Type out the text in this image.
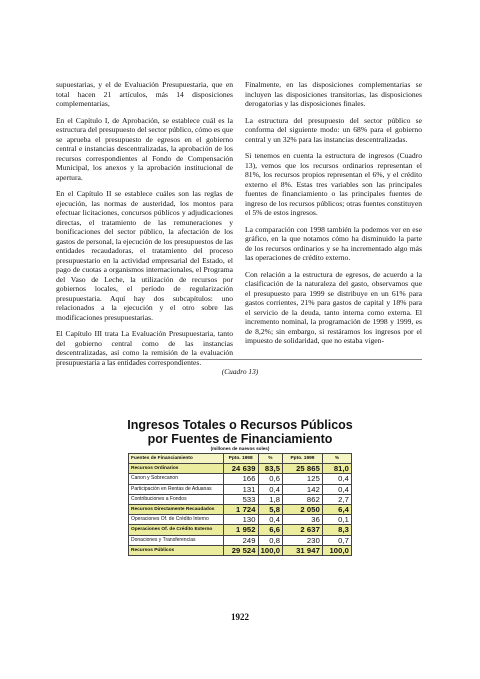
supuestarias, y el de Evaluación Presupuestaria, que en total hacen 21 artículos, más 14 disposiciones complementarias,

En el Capítulo I, de Aprobación, se establece cuál es la estructura del presupuesto del sector público, cómo es que se aprueba el presupuesto de egresos en el gobierno central e instancias descentralizadas, la aprobación de los recursos correspondientes al Fondo de Compensación Municipal, los anexos y la aprobación institucional de apertura.

En el Capítulo II se establece cuáles son las reglas de ejecución, las normas de austeridad, los montos para efectuar licitaciones, concursos públicos y adjudicaciones directas, el tratamiento de las remuneraciones y bonificaciones del sector público, la afectación de los gastos de personal, la ejecución de los presupuestos de las entidades recaudadoras, el tratamiento del proceso presupuestario en la actividad empresarial del Estado, el pago de cuotas a organismos internacionales, el Programa del Vaso de Leche, la utilización de recursos por gobiernos locales, el período de regularización presupuestaria. Aquí hay dos subcapítulos: uno relacionados a la ejecución y el otro sobre las modificaciones presupuestarias.

El Capítulo III trata La Evaluación Presupuestaria, tanto del gobierno central como de las instancias descentralizadas, así como la remisión de la evaluación presupuestaria a las entidades correspondientes.

Finalmente, en las disposiciones complementarias se incluyen las disposiciones transitorias, las disposiciones derogatorias y las disposiciones finales.

La estructura del presupuesto del sector público se conforma del siguiente modo: un 68% para el gobierno central y un 32% para las instancias descentralizadas.

Si tenemos en cuenta la estructura de ingresos (Cuadro 13), vemos que los recursos ordinarios representan el 81%, los recursos propios representan el 6%, y el crédito externo el 8%. Estas tres variables son las principales fuentes de financiamiento o las principales fuentes de ingreso de los recursos públicos; otras fuentes constituyen el 5% de estos ingresos.

La comparación con 1998 también la podemos ver en ese gráfico, en la que notamos cómo ha disminuido la parte de los recursos ordinarios y se ha incrementado algo más las operaciones de crédito externo.

Con relación a la estructura de egresos, de acuerdo a la clasificación de la naturaleza del gasto, observamos que el presupuesto para 1999 se distribuye en un 61% para gastos corrientes, 21% para gastos de capital y 18% para el servicio de la deuda, tanto interna como externa. El incremento nominal, la programación de 1998 y 1999, es de 8,2%; sin embargo, si restáramos los ingresos por el impuesto de solidaridad, que no estaba vigen-

(Cuadro 13)
Ingresos Totales o Recursos Públicos
por Fuentes de Financiamiento
(millones de nuevos soles)
Fuentes de Financiamiento	Ppto. 1998	%	Ppto. 1999	%
Recursos Ordinarios	24 639	83,5	25 865	81,0
Canon y Sobrecanon	166	0,6	125	0,4
Participación en Rentas de Aduanas	131	0,4	142	0,4
Contribuciones a Fondos	533	1,8	862	2,7
Recursos Directamente Recaudados	1 724	5,8	2 050	6,4
Operaciones Of. de Crédito Interno	130	0,4	36	0,1
Operaciones Of. de Crédito Externo	1 952	6,6	2 637	8,3
Donaciones y Transferencias	249	0,8	230	0,7
Recursos Públicos	29 524	100,0	31 947	100,0
1922
